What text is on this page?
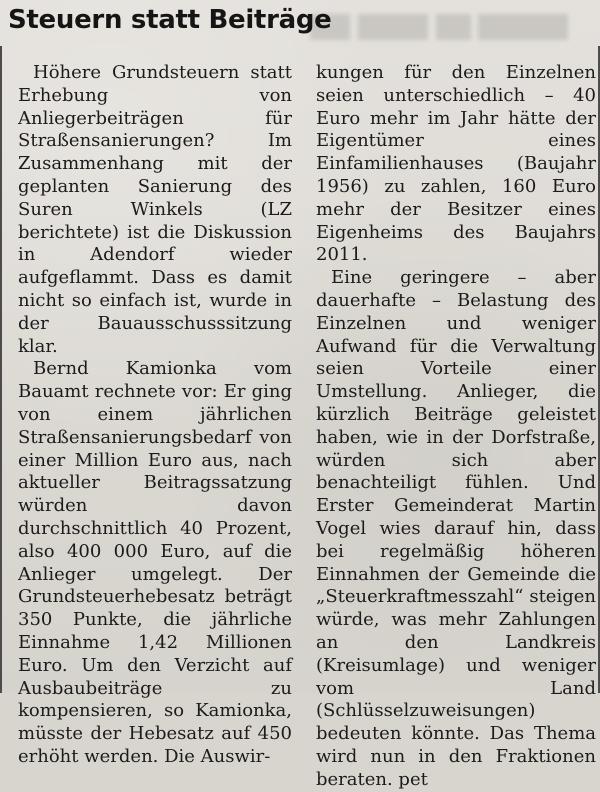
Steuern statt Beiträge

Höhere Grundsteuern statt Erhebung von Anliegerbeiträgen für Straßensanierungen? Im Zusammenhang mit der geplanten Sanierung des Suren Winkels (LZ berichtete) ist die Diskussion in Adendorf wieder aufgeflammt. Dass es damit nicht so einfach ist, wurde in der Bauausschusssitzung klar.

Bernd Kamionka vom Bauamt rechnete vor: Er ging von einem jährlichen Straßensanierungsbedarf von einer Million Euro aus, nach aktueller Beitragssatzung würden davon durchschnittlich 40 Prozent, also 400 000 Euro, auf die Anlieger umgelegt. Der Grundsteuerhebesatz beträgt 350 Punkte, die jährliche Einnahme 1,42 Millionen Euro. Um den Verzicht auf Ausbaubeiträge zu kompensieren, so Kamionka, müsste der Hebesatz auf 450 erhöht werden. Die Auswir-

kungen für den Einzelnen seien unterschiedlich – 40 Euro mehr im Jahr hätte der Eigentümer eines Einfamilienhauses (Baujahr 1956) zu zahlen, 160 Euro mehr der Besitzer eines Eigenheims des Baujahrs 2011.

Eine geringere – aber dauerhafte – Belastung des Einzelnen und weniger Aufwand für die Verwaltung seien Vorteile einer Umstellung. Anlieger, die kürzlich Beiträge geleistet haben, wie in der Dorfstraße, würden sich aber benachteiligt fühlen. Und Erster Gemeinderat Martin Vogel wies darauf hin, dass bei regelmäßig höheren Einnahmen der Gemeinde die „Steuerkraftmesszahl“ steigen würde, was mehr Zahlungen an den Landkreis (Kreisumlage) und weniger vom Land (Schlüsselzuweisungen) bedeuten könnte. Das Thema wird nun in den Fraktionen beraten. pet
